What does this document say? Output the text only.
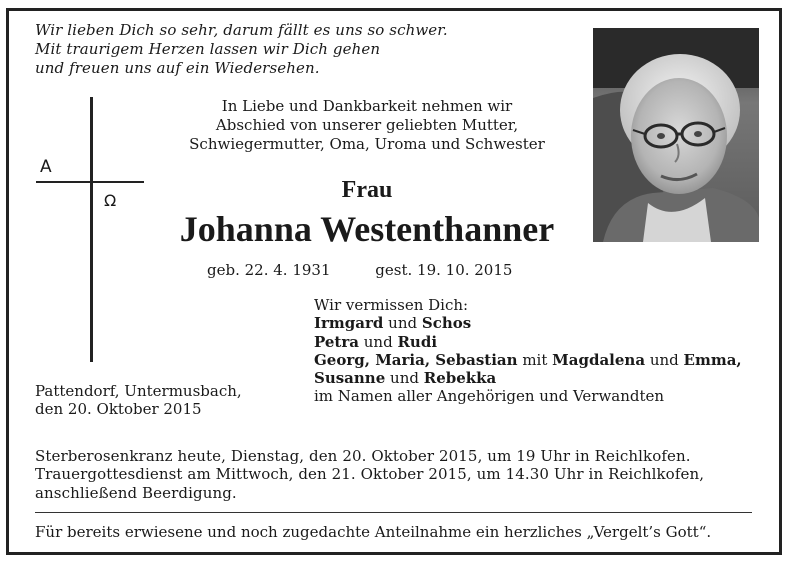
Wir lieben Dich so sehr, darum fällt es uns so schwer.
Mit traurigem Herzen lassen wir Dich gehen
und freuen uns auf ein Wiedersehen.
A
Ω
In Liebe und Dankbarkeit nehmen wir
Abschied von unserer geliebten Mutter,
Schwiegermutter, Oma, Uroma und Schwester
Frau
Johanna Westenthanner
geb. 22. 4. 1931	gest. 19. 10. 2015
Wir vermissen Dich:
Irmgard und Schos
Petra und Rudi
Georg, Maria, Sebastian mit Magdalena und Emma,
Susanne und Rebekka
im Namen aller Angehörigen und Verwandten
Pattendorf, Untermusbach,
den 20. Oktober 2015
Sterberosenkranz heute, Dienstag, den 20. Oktober 2015, um 19 Uhr in Reichlkofen.
Trauergottesdienst am Mittwoch, den 21. Oktober 2015, um 14.30 Uhr in Reichlkofen,
anschließend Beerdigung.
Für bereits erwiesene und noch zugedachte Anteilnahme ein herzliches „Vergelt’s Gott“.
